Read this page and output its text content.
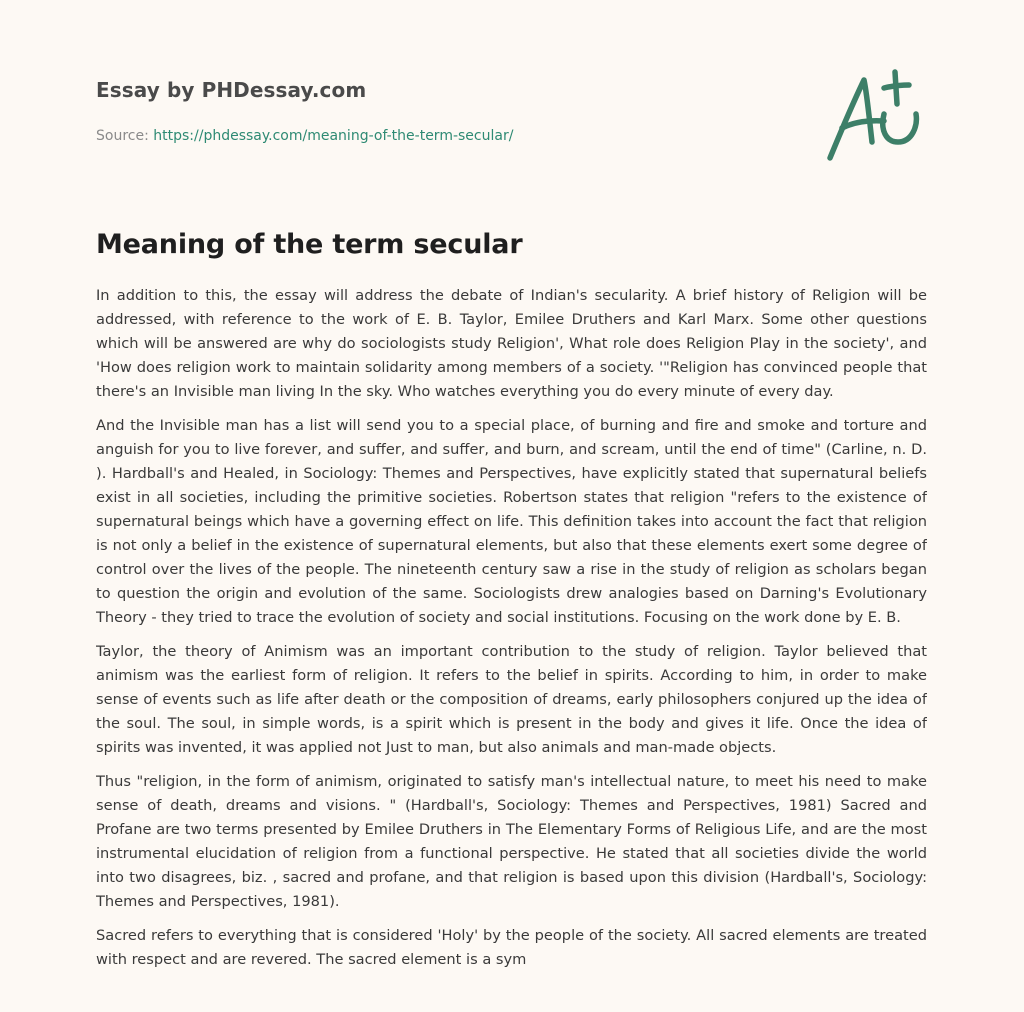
Essay by PHDessay.com
Source: https://phdessay.com/meaning-of-the-term-secular/
Meaning of the term secular

In addition to this, the essay will address the debate of Indian's secularity. A brief history of Religion will be addressed, with reference to the work of E. B. Taylor, Emilee Druthers and Karl Marx. Some other questions which will be answered are why do sociologists study Religion', What role does Religion Play in the society', and 'How does religion work to maintain solidarity among members of a society. '"Religion has convinced people that there's an Invisible man living In the sky. Who watches everything you do every minute of every day.

And the Invisible man has a list will send you to a special place, of burning and fire and smoke and torture and anguish for you to live forever, and suffer, and suffer, and burn, and scream, until the end of time" (Carline, n. D. ). Hardball's and Healed, in Sociology: Themes and Perspectives, have explicitly stated that supernatural beliefs exist in all societies, including the primitive societies. Robertson states that religion "refers to the existence of supernatural beings which have a governing effect on life. This definition takes into account the fact that religion is not only a belief in the existence of supernatural elements, but also that these elements exert some degree of control over the lives of the people. The nineteenth century saw a rise in the study of religion as scholars began to question the origin and evolution of the same. Sociologists drew analogies based on Darning's Evolutionary Theory - they tried to trace the evolution of society and social institutions. Focusing on the work done by E. B.

Taylor, the theory of Animism was an important contribution to the study of religion. Taylor believed that animism was the earliest form of religion. It refers to the belief in spirits. According to him, in order to make sense of events such as life after death or the composition of dreams, early philosophers conjured up the idea of the soul. The soul, in simple words, is a spirit which is present in the body and gives it life. Once the idea of spirits was invented, it was applied not Just to man, but also animals and man-made objects.

Thus "religion, in the form of animism, originated to satisfy man's intellectual nature, to meet his need to make sense of death, dreams and visions. " (Hardball's, Sociology: Themes and Perspectives, 1981) Sacred and Profane are two terms presented by Emilee Druthers in The Elementary Forms of Religious Life, and are the most instrumental elucidation of religion from a functional perspective. He stated that all societies divide the world into two disagrees, biz. , sacred and profane, and that religion is based upon this division (Hardball's, Sociology: Themes and Perspectives, 1981).

Sacred refers to everything that is considered 'Holy' by the people of the society. All sacred elements are treated with respect and are revered. The sacred element is a sym
